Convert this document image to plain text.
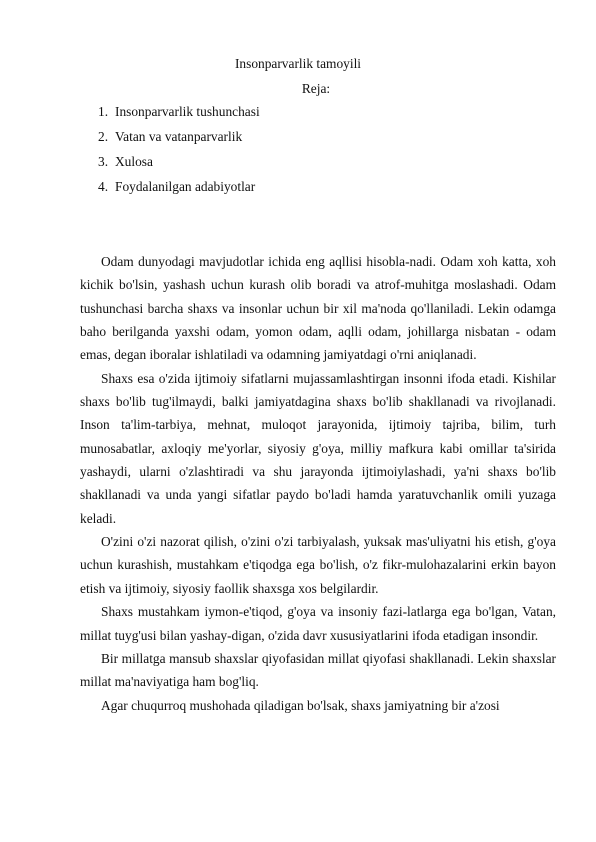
Insonparvarlik tamoyili
Reja:
1. Insonparvarlik tushunchasi
2. Vatan va vatanparvarlik
3. Xulosa
4. Foydalanilgan adabiyotlar

Odam dunyodagi mavjudotlar ichida eng aqllisi hisobla-nadi. Odam xoh katta, xoh kichik bo'lsin, yashash uchun kurash olib boradi va atrof-muhitga moslashadi. Odam tushunchasi barcha shaxs va insonlar uchun bir xil ma'noda qo'llaniladi. Lekin odamga baho berilganda yaxshi odam, yomon odam, aqlli odam, johillarga nisbatan - odam emas, degan iboralar ishlatiladi va odamning jamiyatdagi o'rni aniqlanadi.

Shaxs esa o'zida ijtimoiy sifatlarni mujassamlashtirgan insonni ifoda etadi. Kishilar shaxs bo'lib tug'ilmaydi, balki jamiyatdagina shaxs bo'lib shakllanadi va rivojlanadi. Inson ta'lim-tarbiya, mehnat, muloqot jarayonida, ijtimoiy tajriba, bilim, turh munosabatlar, axloqiy me'yorlar, siyosiy g'oya, milliy mafkura kabi omillar ta'sirida yashaydi, ularni o'zlashtiradi va shu jarayonda ijtimoiylashadi, ya'ni shaxs bo'lib shakllanadi va unda yangi sifatlar paydo bo'ladi hamda yaratuvchanlik omili yuzaga keladi.

O'zini o'zi nazorat qilish, o'zini o'zi tarbiyalash, yuksak mas'uliyatni his etish, g'oya uchun kurashish, mustahkam e'tiqodga ega bo'lish, o'z fikr-mulohazalarini erkin bayon etish va ijtimoiy, siyosiy faollik shaxsga xos belgilardir.

Shaxs mustahkam iymon-e'tiqod, g'oya va insoniy fazi-latlarga ega bo'lgan, Vatan, millat tuyg'usi bilan yashay-digan, o'zida davr xususiyatlarini ifoda etadigan insondir.

Bir millatga mansub shaxslar qiyofasidan millat qiyofasi shakllanadi. Lekin shaxslar millat ma'naviyatiga ham bog'liq.

Agar chuqurroq mushohada qiladigan bo'lsak, shaxs jamiyatning bir a'zosi
